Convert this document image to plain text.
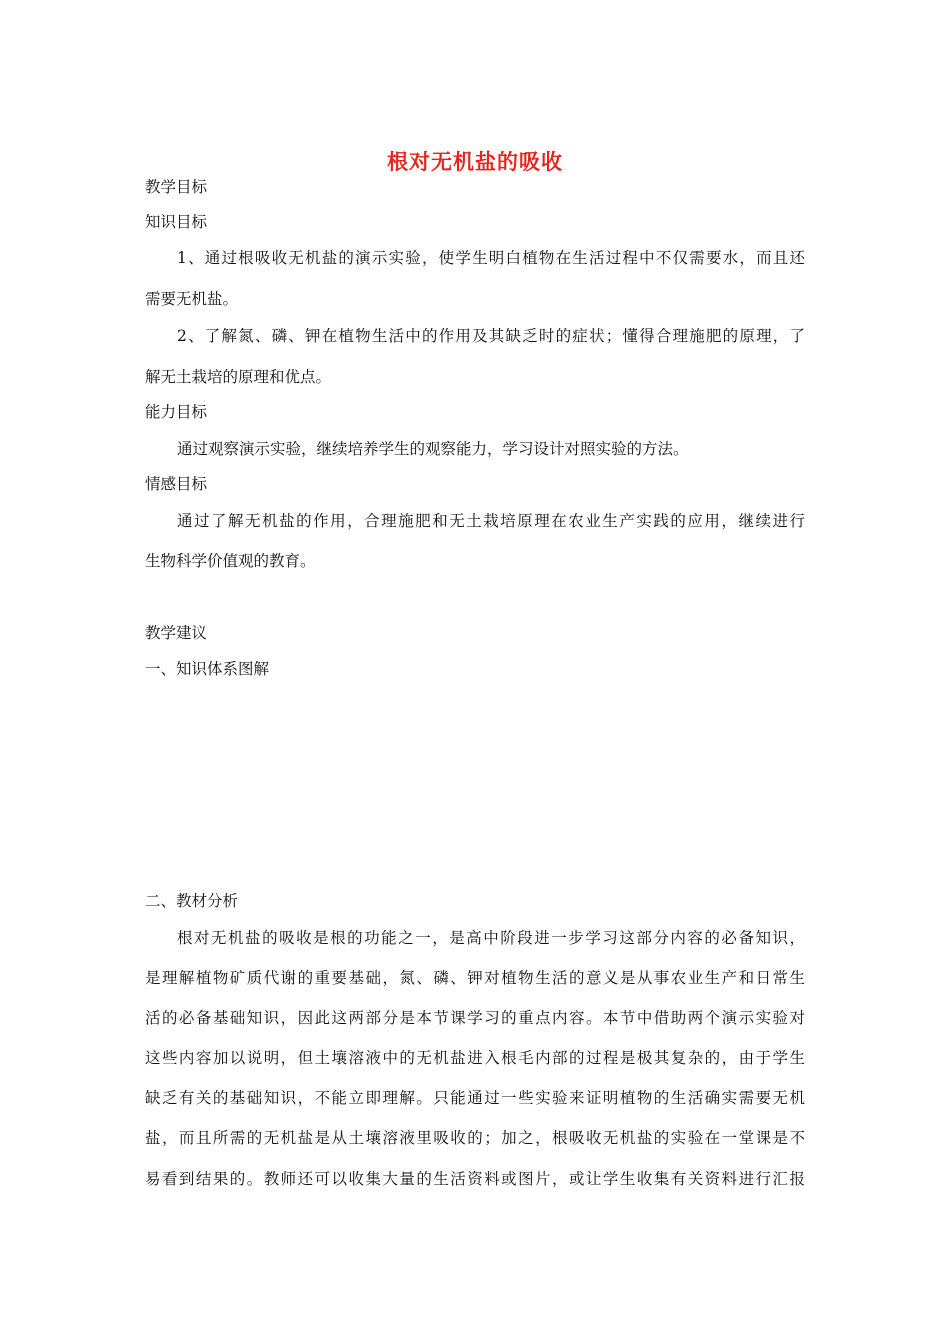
根对无机盐的吸收
教学目标
知识目标
1、通过根吸收无机盐的演示实验，使学生明白植物在生活过程中不仅需要水，而且还
需要无机盐。
2、了解氮、磷、钾在植物生活中的作用及其缺乏时的症状；懂得合理施肥的原理，了
解无土栽培的原理和优点。
能力目标
通过观察演示实验，继续培养学生的观察能力，学习设计对照实验的方法。
情感目标
通过了解无机盐的作用，合理施肥和无土栽培原理在农业生产实践的应用，继续进行
生物科学价值观的教育。
教学建议
一、知识体系图解
二、教材分析
根对无机盐的吸收是根的功能之一，是高中阶段进一步学习这部分内容的必备知识，
是理解植物矿质代谢的重要基础，氮、磷、钾对植物生活的意义是从事农业生产和日常生
活的必备基础知识，因此这两部分是本节课学习的重点内容。本节中借助两个演示实验对
这些内容加以说明，但土壤溶液中的无机盐进入根毛内部的过程是极其复杂的，由于学生
缺乏有关的基础知识，不能立即理解。只能通过一些实验来证明植物的生活确实需要无机
盐，而且所需的无机盐是从土壤溶液里吸收的；加之，根吸收无机盐的实验在一堂课是不
易看到结果的。教师还可以收集大量的生活资料或图片，或让学生收集有关资料进行汇报
